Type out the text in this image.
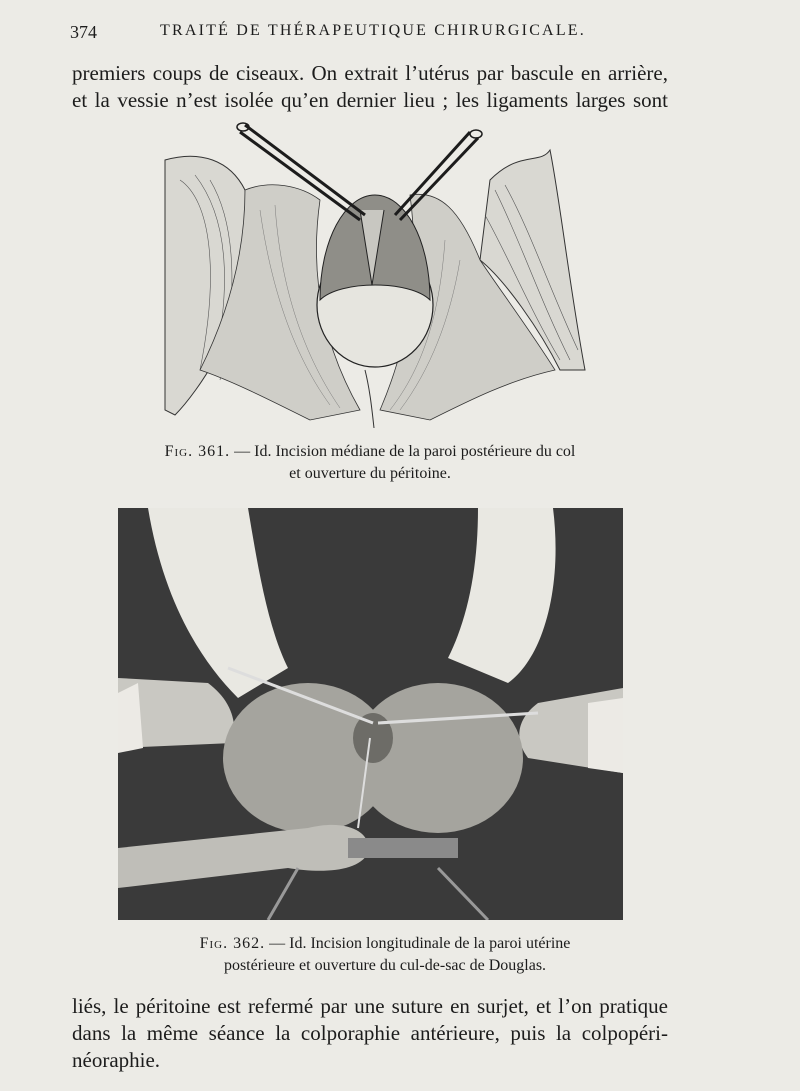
374	TRAITÉ DE THÉRAPEUTIQUE CHIRURGICALE.
premiers coups de ciseaux. On extrait l’utérus par bascule en arrière,
et la vessie n’est isolée qu’en dernier lieu ; les ligaments larges sont
Fig. 361. — Id. Incision médiane de la paroi postérieure du col
et ouverture du péritoine.
Fig. 362. — Id. Incision longitudinale de la paroi utérine
postérieure et ouverture du cul-de-sac de Douglas.
liés, le péritoine est refermé par une suture en surjet, et l’on pratique
dans la même séance la colporaphie antérieure, puis la colpopéri-
néoraphie.
